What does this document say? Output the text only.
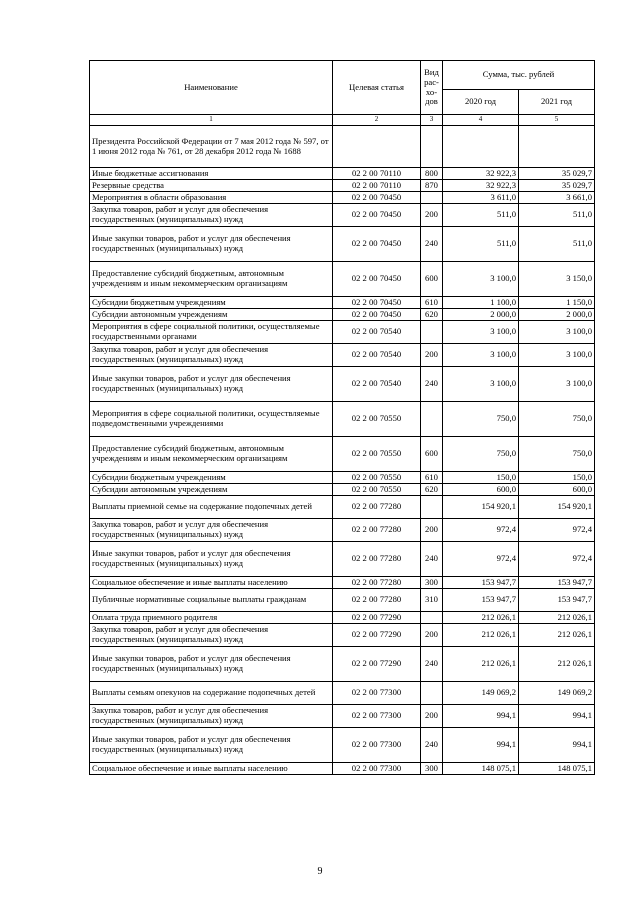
Наименование	Целевая статья	Вид рас- хо- дов	Сумма, тыс. рублей	
			2020 год	2021 год
1	2	3	4	5
Президента Российской Федерации от 7 мая 2012 года № 597, от 1 июня 2012 года № 761, от 28 декабря 2012 года № 1688				
Иные бюджетные ассигнования	02 2 00 70110	800	32 922,3	35 029,7
Резервные средства	02 2 00 70110	870	32 922,3	35 029,7
Мероприятия в области образования	02 2 00 70450		3 611,0	3 661,0
Закупка товаров, работ и услуг для обеспечения государственных (муниципальных) нужд	02 2 00 70450	200	511,0	511,0
Иные закупки товаров, работ и услуг для обеспечения государственных (муниципальных) нужд	02 2 00 70450	240	511,0	511,0
Предоставление субсидий бюджетным, автономным учреждениям и иным некоммерческим организациям	02 2 00 70450	600	3 100,0	3 150,0
Субсидии бюджетным учреждениям	02 2 00 70450	610	1 100,0	1 150,0
Субсидии автономным учреждениям	02 2 00 70450	620	2 000,0	2 000,0
Мероприятия в сфере социальной политики, осуществляемые государственными органами	02 2 00 70540		3 100,0	3 100,0
Закупка товаров, работ и услуг для обеспечения государственных (муниципальных) нужд	02 2 00 70540	200	3 100,0	3 100,0
Иные закупки товаров, работ и услуг для обеспечения государственных (муниципальных) нужд	02 2 00 70540	240	3 100,0	3 100,0
Мероприятия в сфере социальной политики, осуществляемые подведомственными учреждениями	02 2 00 70550		750,0	750,0
Предоставление субсидий бюджетным, автономным учреждениям и иным некоммерческим организациям	02 2 00 70550	600	750,0	750,0
Субсидии бюджетным учреждениям	02 2 00 70550	610	150,0	150,0
Субсидии автономным учреждениям	02 2 00 70550	620	600,0	600,0
Выплаты приемной семье на содержание подопечных детей	02 2 00 77280		154 920,1	154 920,1
Закупка товаров, работ и услуг для обеспечения государственных (муниципальных) нужд	02 2 00 77280	200	972,4	972,4
Иные закупки товаров, работ и услуг для обеспечения государственных (муниципальных) нужд	02 2 00 77280	240	972,4	972,4
Социальное обеспечение и иные выплаты населению	02 2 00 77280	300	153 947,7	153 947,7
Публичные нормативные социальные выплаты гражданам	02 2 00 77280	310	153 947,7	153 947,7
Оплата труда приемного родителя	02 2 00 77290		212 026,1	212 026,1
Закупка товаров, работ и услуг для обеспечения государственных (муниципальных) нужд	02 2 00 77290	200	212 026,1	212 026,1
Иные закупки товаров, работ и услуг для обеспечения государственных (муниципальных) нужд	02 2 00 77290	240	212 026,1	212 026,1
Выплаты семьям опекунов на содержание подопечных детей	02 2 00 77300		149 069,2	149 069,2
Закупка товаров, работ и услуг для обеспечения государственных (муниципальных) нужд	02 2 00 77300	200	994,1	994,1
Иные закупки товаров, работ и услуг для обеспечения государственных (муниципальных) нужд	02 2 00 77300	240	994,1	994,1
Социальное обеспечение и иные выплаты населению	02 2 00 77300	300	148 075,1	148 075,1
9
